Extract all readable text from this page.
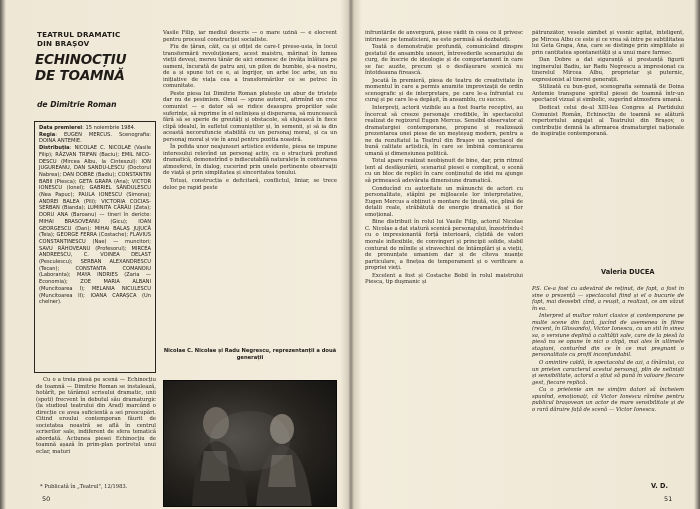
TEATRUL DRAMATIC DIN BRAȘOV
ECHINOCȚIU
DE TOAMNĂ
de Dimitrie Roman
Data premierei: 15 noiembrie 1984.
Regia: EUGEN MERCUS. Scenografia: DOINA ANTEMIE.
Distribuția: NICOLAE C. NICOLAE (Vasile Filip); RĂZVAN TRIFAN (Baciu); EMIL NICO-DESCU (Mircea Albu, la Cinteszul): ION JUGUREANU, DAN SANDU-LESCU (Doctorul Nabrea); DAN DOBRE (Badiu); CONSTANTIN BABII (Piesca); GETA GRAPA (Ana); VICTOR IONESCU (Ionel); GABRIEL SĂNDULESCU (Nea Papuc); PAULA IONESCU (Simona); ANDREI BALEA (Pili); VICTORIA COCIAS-SERBAN (Bianda); LUMINITA CĂRĂU (Zeta); DORU ANA (Baroanu) — tineri în dericte: MIHAI BRASOVEANU (Gicu); IOAN GEORGESCU (Dan); MIHAI BALAȘ JUJUCĂ (Teia); GEORGE FERRA (Costache); FLAVIUS CONSTANTINESCU (Nae) — muncitori; SAVU RĂHOVEANU (Profesorul); MIRCEA ANDREESCU, C. VOINEA DELAST (Pesculescu); SERBAN ALEXANDRESCU (Tecan); CONSTANTA COMANOIU (Laboranta); MAYA INDRIES (Zaria — Economia); ZOE MARIA ALBANI (Muncitoarea I); MELANIA NICULESCU (Muncitoarea II); IOANA CARAȘCA (Un chelner).

Cu o a treia piesă pe scenă — Echinocțiu de toamnă — Dimitrie Roman se instalează, hotărît, pe tărâmul scrisului dramatic, unii (spoti) frecvent în debutul său dramaturgic (la studioul teatrului din Arad) marcând o direcție ce avea suficientă a sei preocupări. Citind eroului contemporan făurit de societatea noastră se află în centrul scrierilor sale, indiferent de sfera tematică abordată. Actiunea piesei Echinocțiu de toamnă așază în prim-plan portretul unui eclar, maturi

* Publicată în „Teatrul", 12/1983.

Vasile Filip, iar mediul descris — o mare uzină — e elocvent pentru procesul construcției socialiste.

Fiu de țăran, căit, ca și ofițel de care-I pivese-usia, în locul transformării revoluționare, acest maistru, mărinat în lumea vieții deveși, mereu tânăr de aici omenesc de învăța înlătura pe oameni, încurată de patru ani, un pilon de bumbie, și-a nostru, de a și spune tot ce e, ai îngrijor, un arbe loc arbe, un nu inițiative de viața cea a transformărilor ce se petrec în comunitate.

Peste piesa lui Dimitrie Roman plutește un abur de tristețe dar nu de pesimism. Omul — spune autorul, afirmînd un crez comunist — e dator să se ridice deasupra propriilor sale suferințe, să reprime în el nelinișea și disperarea, să muncească fără să se sperie de greutăți și obstacole, să slujească în fiece clipă idealul, în sufletul comuniștilor și, în semenii, și să ia din această necorufuncie stabilită cu un personaj moral, și ca un personaj moral și vie în anul pentru pozitia noastră.

În pofida unor neajunsuri artistice evidente, piesa ne impune interesului relevînd un personaj activ, cu o structură profund dramatică, demonstrînd o indiscutabilă naturalețe în conturarea atmosferei, în dialog, cucerind prin unele pertinente observații de viață și prin simplitatea și sinceritatea tonului.

Totuși, construcția e deficitară, conflictul, liniar, se trece deloc pe rapid peste

Nicolae C. Nicolae și Radu Negrescu, reprezentanții a două generații
50

înfruntările de anvergură, piese vădit în ceea ce îl privesc intrinsec pe tematicieni, ne este permisă să dezbateți.

Toată o demonstrație profundă, comunicând dinspre gestatul de ansamblu uneori, întrevederile scenariului de curg, de înscrie de ideologie și de comportament în care se fac auzite, precum și o desfășurare scenică nu întotdeauna firească.

Jocată în premieră, piesa de teatru de creativitate în momentul în care a permis anumite improvizații de ordin scenografic și de interpretare, pe care le-a înfruntat cu curaj și pe care le-a depășit, în ansamblu, cu succes.

Interpreți, actorii vizibile au a fost foarte receptivi, au încercat să creeze personaje credibile, în spectacolul realizat de regizorul Eugen Mercus. Sensibil observator al dramaturgiei contemporane, propune și realizează prezentarea unei piese de un meșteșug modern, pentru a ne da rezultatul la Teatrul din Brașov un spectacol de bună calitate artistică, în care se îmbină comunicarea umană și dimensiunea politică.

Totul apare realizat neobișnuit de bine, dar, prin ritmul lent al desfășurării, scenariul piesei e complicat, o scenă cu un bloc de replici în care conținutul de idei nu ajunge să primească adevărata dimensiune dramatică.

Conducînd cu autoritate un mănunchi de actori cu personalitate, stăpîni pe mijloacele lor interpretative, Eugen Mercus a obținut o montare de ținută, vie, plină de detalii reale, străbătută de energie dramatică și fior emoțional.

Bine distribuit în rolul lui Vasile Filip, actorul Nicolae C. Nicolae a dat statură scenică personajului, înzestrîndu-l cu o impresionantă forță interioară, cîștidă de valori morale inflexibile, de convingeri și principii solide, stabil conturat de mîinile și stravechiul de întâmplări și a vieții, de pronunțate umanism dar și de cîteva nuanțe particulare, a finețea de temperament și o verificare a propriei vieți.

Excelent a fost și Costache Bobil în rolul maistrului Piesca, tip duşmanic și

pătrunzător, vesele zâmbet și vesnic agitat, inteligent, pe Mircea Albu ce este și ce vrea să intre pe subtilitatea lui Geta Grapa, Ana, care se distinge prin simplitate și prin cantitatea spontaneității și a unui mare farmec.

Dan Dobre a dat siguranță și prestanță figurii inginerului Badiu, iar Radu Negrescu a impresionat ca tinerelul Mircea Albu, proprietar și puternic, expresionist al tinerei generații.

Stilizată cu bun-gust, scenografia semnată de Doina Antemie transpune spiritul piesei de toamnă într-un spectacol vizual și simbolic, sugerînd atmosfera umană.

Dedicat celui de-al XIII-lea Congres al Partidului Comunist Român, Echinocțiu de toamnă se alătură repertoriului angajat al Teatrului din Brașov, o contribuție demnă la afirmarea dramaturgiei naționale de inspirație contemporană.

Valeria DUCEA

P.S. Ce-a fost cu adevărat de reținut, de fapt, a fost în sine o prezență — spectacolul fiind și el o bucurie de fapt, mai deosebit cînd, a reușit, a realizat, ce am văzut în ea.

Interpret al multor roluri clasice și contemporane pe multe scene din țară, jucînd de asemenea în filme (recent, în Glissando), Victor Ionescu, cu un stil în sinea sa, o versiune deplină a calității sale, care de la piesă la piesă nu se opune în nici o clipă, mai ales în ultimele stagiuni, conturînd din ce în ce mai pregnant o personalitate cu profil inconfundabil.

O amintire caldă, în spectacolul de azi, a tînărului, ca un prieten caracterul acestui personaj, plin de neliniști și sensibilitate, actorul a știut să pună în valoare fiecare gest, fiecare replică.

Cu o prietenie am ne simțim datori să încheiem spunînd, emoționați, că Victor Ionescu rămîne pentru publicul brașovean un actor de mare sensibilitate și de o rară dăruire față de scenă — Victor Ionescu.

V. D.
51
